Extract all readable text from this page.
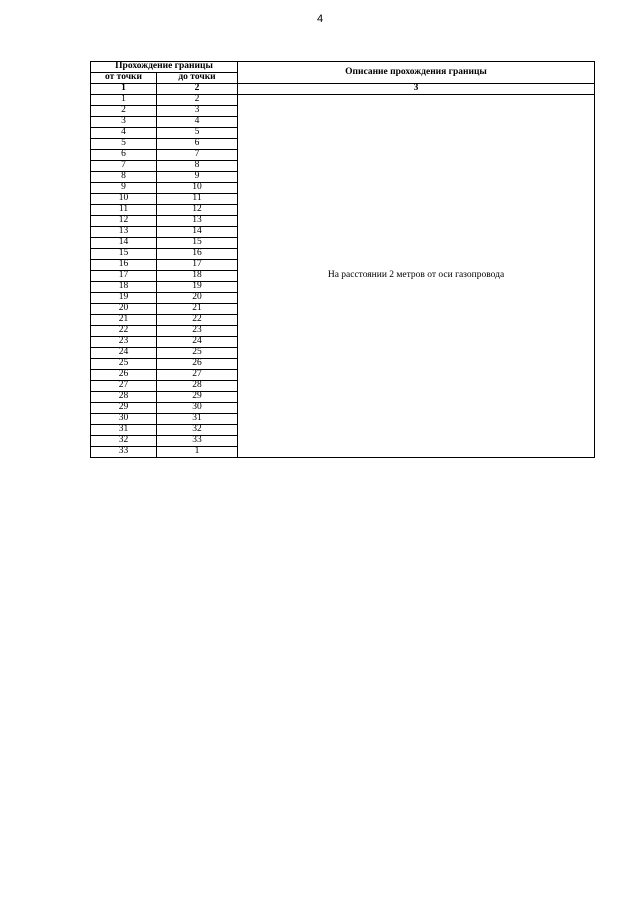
4
Прохождение границы		Описание прохождения границы
от точки	до точки	
1	2	3
1	2	На расстоянии 2 метров от оси газопровода
2	3	
3	4	
4	5	
5	6	
6	7	
7	8	
8	9	
9	10	
10	11	
11	12	
12	13	
13	14	
14	15	
15	16	
16	17	
17	18	
18	19	
19	20	
20	21	
21	22	
22	23	
23	24	
24	25	
25	26	
26	27	
27	28	
28	29	
29	30	
30	31	
31	32	
32	33	
33	1	
